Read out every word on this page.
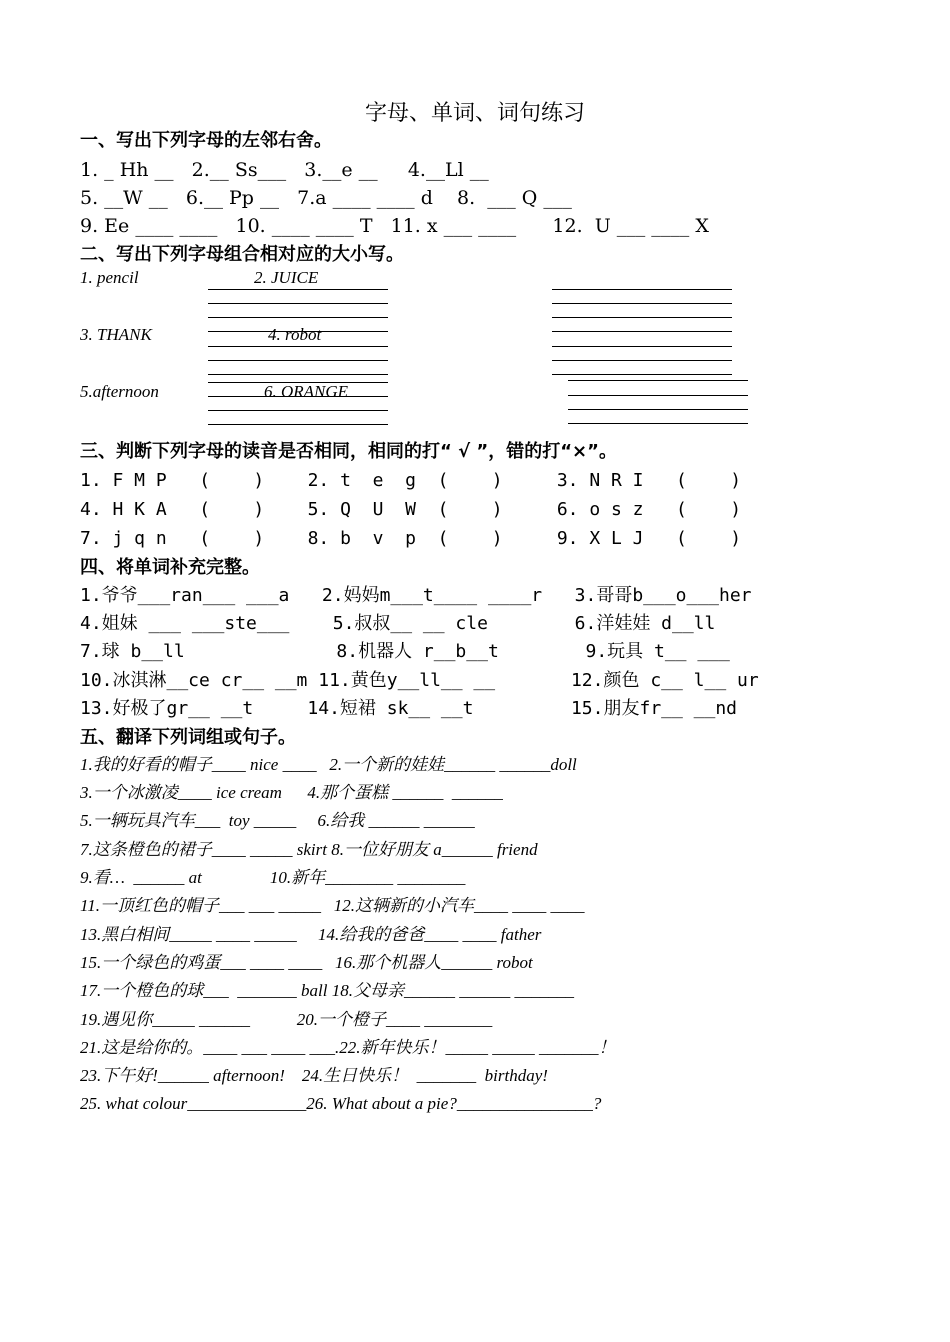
字母、单词、词句练习
一、写出下列字母的左邻右舍。
1. _ Hh __   2.__ Ss___   3.__e __     4.__Ll __
5. __W __   6.__ Pp __   7.a ____ ____ d    8.  ___ Q ___
9. Ee ____ ____   10. ____ ____ T   11. x ___ ____      12.  U ___ ____ X
二、写出下列字母组合相对应的大小写。
1. pencil	2. JUICE
3. THANK	4. robot
5.afternoon	6. ORANGE
三、判断下列字母的读音是否相同，相同的打“ √ ”，错的打“×”。
1. F M P   (    )    2. t  e  g  (    )     3. N R I   (    )
4. H K A   (    )    5. Q  U  W  (    )     6. o s z   (    )
7. j q n   (    )    8. b  v  p  (    )     9. X L J   (    )
四、将单词补充完整。
1.爷爷___ran___ ___a   2.妈妈m___t____ ____r   3.哥哥b___o___her
4.姐妹 ___ ___ste___    5.叔叔__ __ cle        6.洋娃娃 d__ll
7.球 b__ll              8.机器人 r__b__t        9.玩具 t__ ___
10.冰淇淋__ce cr__ __m 11.黄色y__ll__ __       12.颜色 c__ l__ ur
13.好极了gr__ __t     14.短裙 sk__ __t         15.朋友fr__ __nd
五、翻译下列词组或句子。
1.我的好看的帽子____ nice ____   2.一个新的娃娃______ ______doll
3.一个冰激凌____ ice cream      4.那个蛋糕 ______  ______
5.一辆玩具汽车___  toy _____     6.给我 ______ ______
7.这条橙色的裙子____ _____ skirt 8.一位好朋友 a______ friend
9.看…  ______ at                10.新年________ ________
11.一顶红色的帽子___ ___ _____   12.这辆新的小汽车____ ____ ____
13.黑白相间_____ ____ _____     14.给我的爸爸____ ____ father
15.一个绿色的鸡蛋___ ____ ____   16.那个机器人______ robot
17.一个橙色的球___  _______ ball 18.父母亲______ ______ _______
19.遇见你_____ ______           20.一个橙子____ ________
21.这是给你的。____ ___ ____ ___.22.新年快乐！_____ _____ _______！
23.下午好!______ afternoon!    24.生日快乐！  _______  birthday!
25. what colour______________26. What about a pie?________________?
